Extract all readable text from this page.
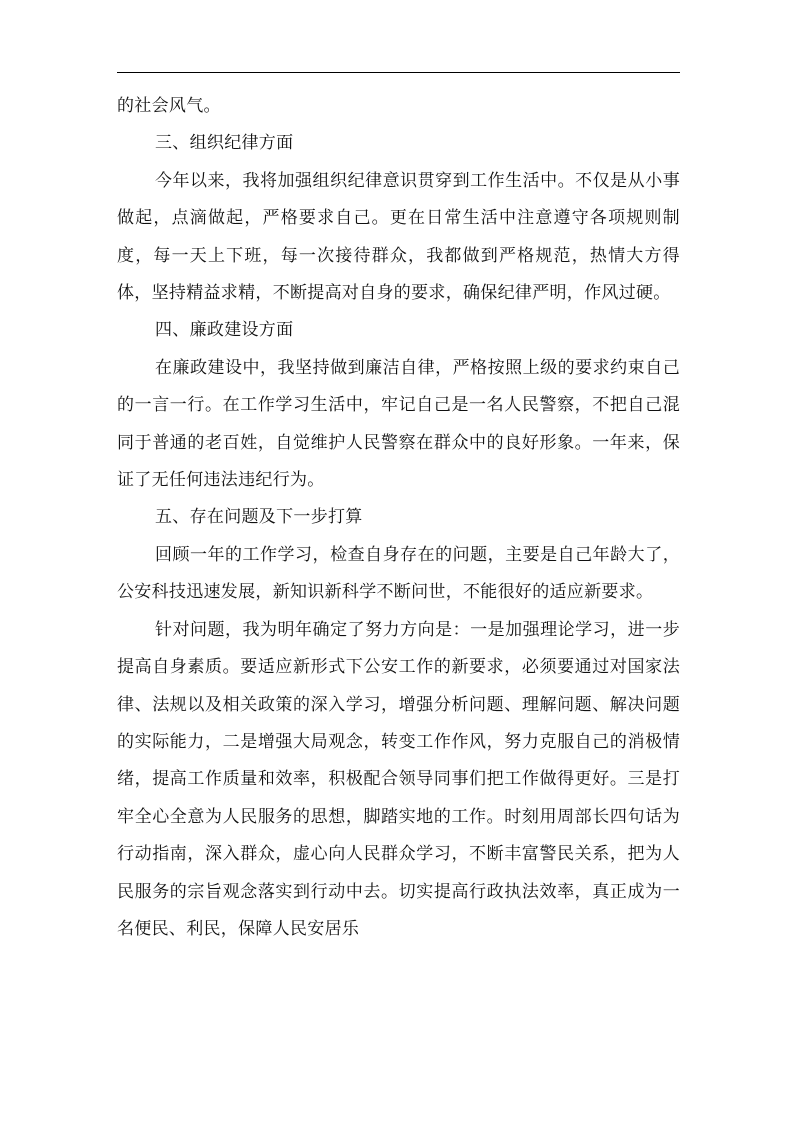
的社会风气。

三、组织纪律方面

今年以来，我将加强组织纪律意识贯穿到工作生活中。不仅是从小事做起，点滴做起，严格要求自己。更在日常生活中注意遵守各项规则制度，每一天上下班，每一次接待群众，我都做到严格规范，热情大方得体，坚持精益求精，不断提高对自身的要求，确保纪律严明，作风过硬。

四、廉政建设方面

在廉政建设中，我坚持做到廉洁自律，严格按照上级的要求约束自己的一言一行。在工作学习生活中，牢记自己是一名人民警察，不把自己混同于普通的老百姓，自觉维护人民警察在群众中的良好形象。一年来，保证了无任何违法违纪行为。

五、存在问题及下一步打算

回顾一年的工作学习，检查自身存在的问题，主要是自己年龄大了，公安科技迅速发展，新知识新科学不断问世，不能很好的适应新要求。

针对问题，我为明年确定了努力方向是：一是加强理论学习，进一步提高自身素质。要适应新形式下公安工作的新要求，必须要通过对国家法律、法规以及相关政策的深入学习，增强分析问题、理解问题、解决问题的实际能力，二是增强大局观念，转变工作作风，努力克服自己的消极情绪，提高工作质量和效率，积极配合领导同事们把工作做得更好。三是打牢全心全意为人民服务的思想，脚踏实地的工作。时刻用周部长四句话为行动指南，深入群众，虚心向人民群众学习，不断丰富警民关系，把为人民服务的宗旨观念落实到行动中去。切实提高行政执法效率，真正成为一名便民、利民，保障人民安居乐
